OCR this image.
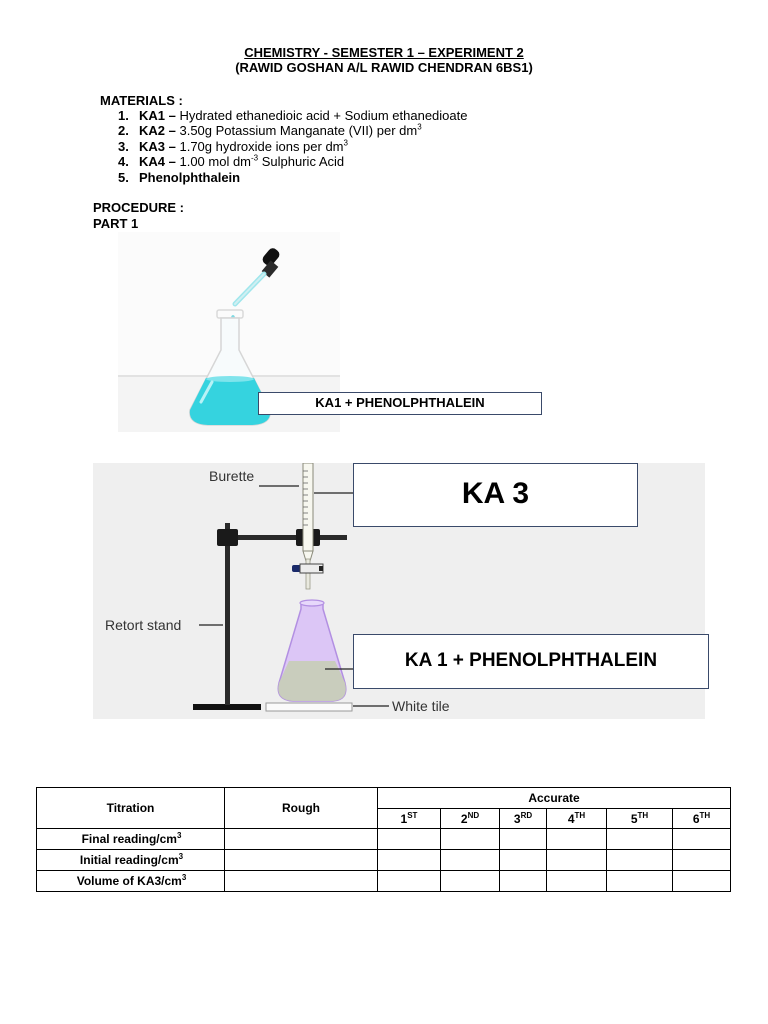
CHEMISTRY - SEMESTER 1 – EXPERIMENT 2
(RAWID GOSHAN A/L RAWID CHENDRAN 6BS1)
MATERIALS :
1. KA1 – Hydrated ethanedioic acid + Sodium ethanedioate
2. KA2 – 3.50g Potassium Manganate (VII) per $dm^3$
3. KA3 – 1.70g hydroxide ions per $dm^3$
4. KA4 – 1.00 mol $dm^{-3}$ Sulphuric Acid
5. Phenolphthalein
PROCEDURE :
PART 1
KA1 + PHENOLPHTHALEIN
Burette
Retort stand
White tile
KA 3
KA 1 + PHENOLPHTHALEIN
Titration	Rough	Accurate					
		1ST	2ND	3RD	4TH	5TH	6TH
Final reading/$cm^3$							
Initial reading/$cm^3$							
Volume of $KA3/cm^3$							
